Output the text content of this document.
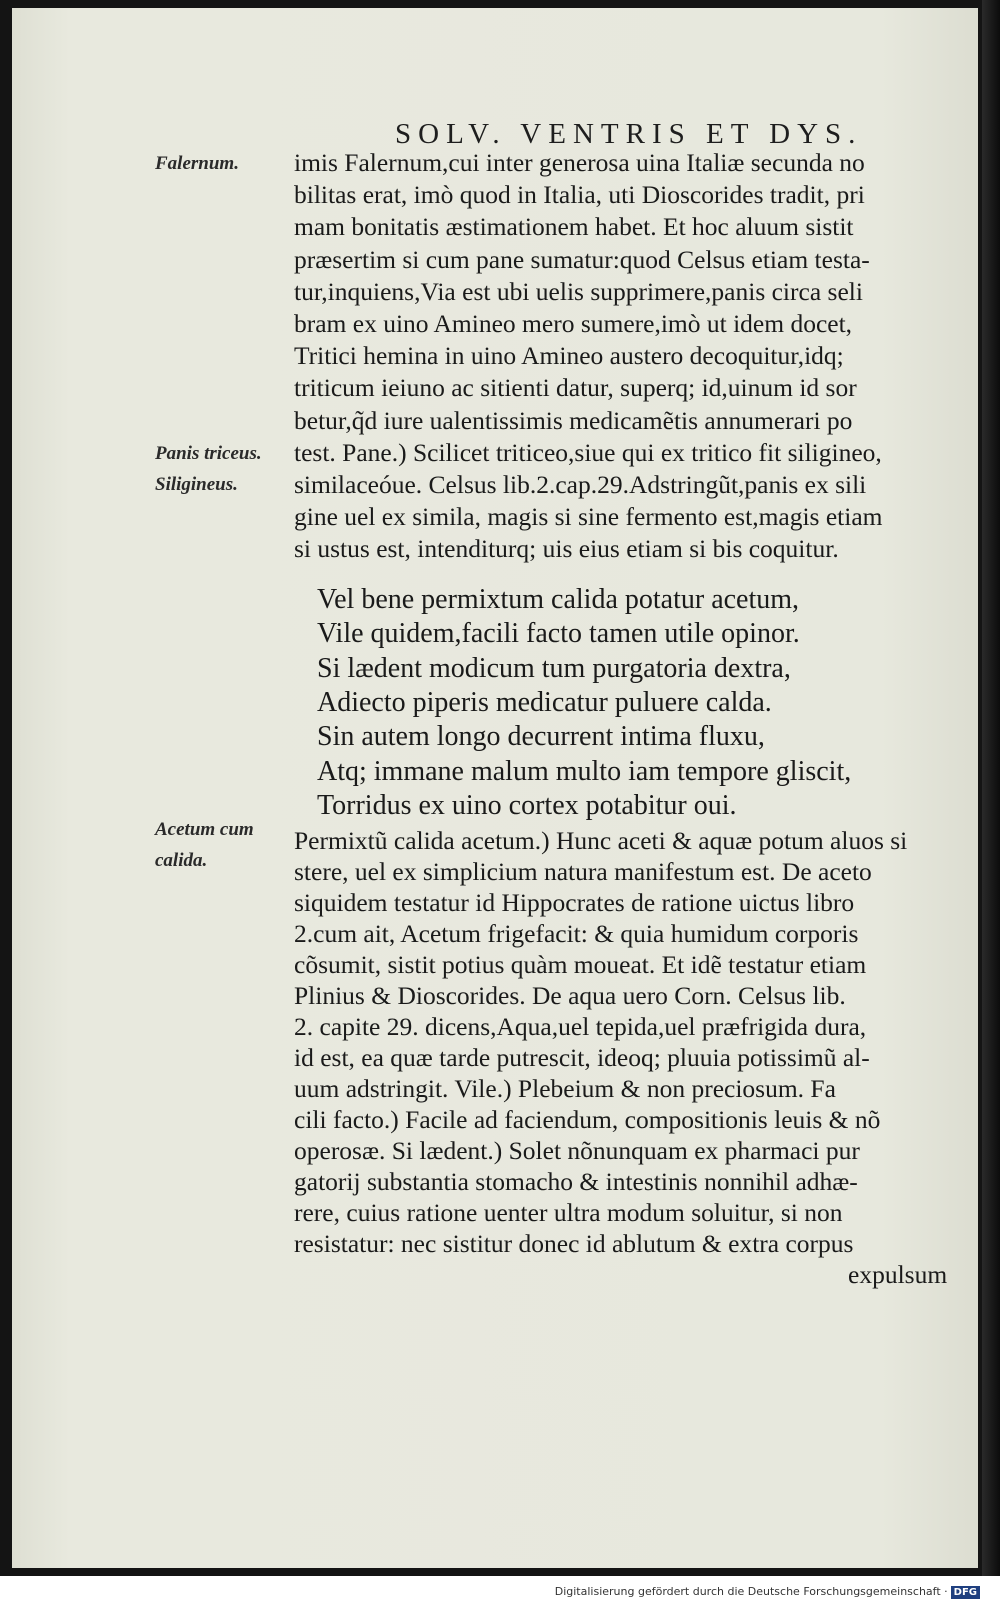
SOLV. VENTRIS ET DYS.
Falernum.
Panis triceus.
Siligineus.
Acetum cum
calida.
imis Falernum,cui inter generosa uina Italiæ secunda no
bilitas erat, imò quod in Italia, uti Dioscorides tradit, pri
mam bonitatis æstimationem habet. Et hoc aluum sistit
præsertim si cum pane sumatur:quod Celsus etiam testa-
tur,inquiens,Via est ubi uelis supprimere,panis circa seli
bram ex uino Amineo mero sumere,imò ut idem docet,
Tritici hemina in uino Amineo austero decoquitur,idq;
triticum ieiuno ac sitienti datur, superq; id,uinum id sor
betur,q̃d iure ualentissimis medicamẽtis annumerari po
test. Pane.) Scilicet triticeo,siue qui ex tritico fit siligineo,
similaceóue. Celsus lib.2.cap.29.Adstringũt,panis ex sili
gine uel ex simila, magis si sine fermento est,magis etiam
si ustus est, intenditurq; uis eius etiam si bis coquitur.
Vel bene permixtum calida potatur acetum,
Vile quidem,facili facto tamen utile opinor.
Si lædent modicum tum purgatoria dextra,
Adiecto piperis medicatur puluere calda.
Sin autem longo decurrent intima fluxu,
Atq; immane malum multo iam tempore gliscit,
Torridus ex uino cortex potabitur oui.
Permixtũ calida acetum.) Hunc aceti & aquæ potum aluos si
stere, uel ex simplicium natura manifestum est. De aceto
siquidem testatur id Hippocrates de ratione uictus libro
2.cum ait, Acetum frigefacit: & quia humidum corporis
cõsumit, sistit potius quàm moueat. Et idẽ testatur etiam
Plinius & Dioscorides. De aqua uero Corn. Celsus lib.
2. capite 29. dicens,Aqua,uel tepida,uel præfrigida dura,
id est, ea quæ tarde putrescit, ideoq; pluuia potissimũ al-
uum adstringit. Vile.) Plebeium & non preciosum. Fa
cili facto.) Facile ad faciendum, compositionis leuis & nõ
operosæ. Si lædent.) Solet nõnunquam ex pharmaci pur
gatorij substantia stomacho & intestinis nonnihil adhæ-
rere, cuius ratione uenter ultra modum soluitur, si non
resistatur: nec sistitur donec id ablutum & extra corpus
expulsum
Digitalisierung gefördert durch die Deutsche Forschungsgemeinschaft · DFG
